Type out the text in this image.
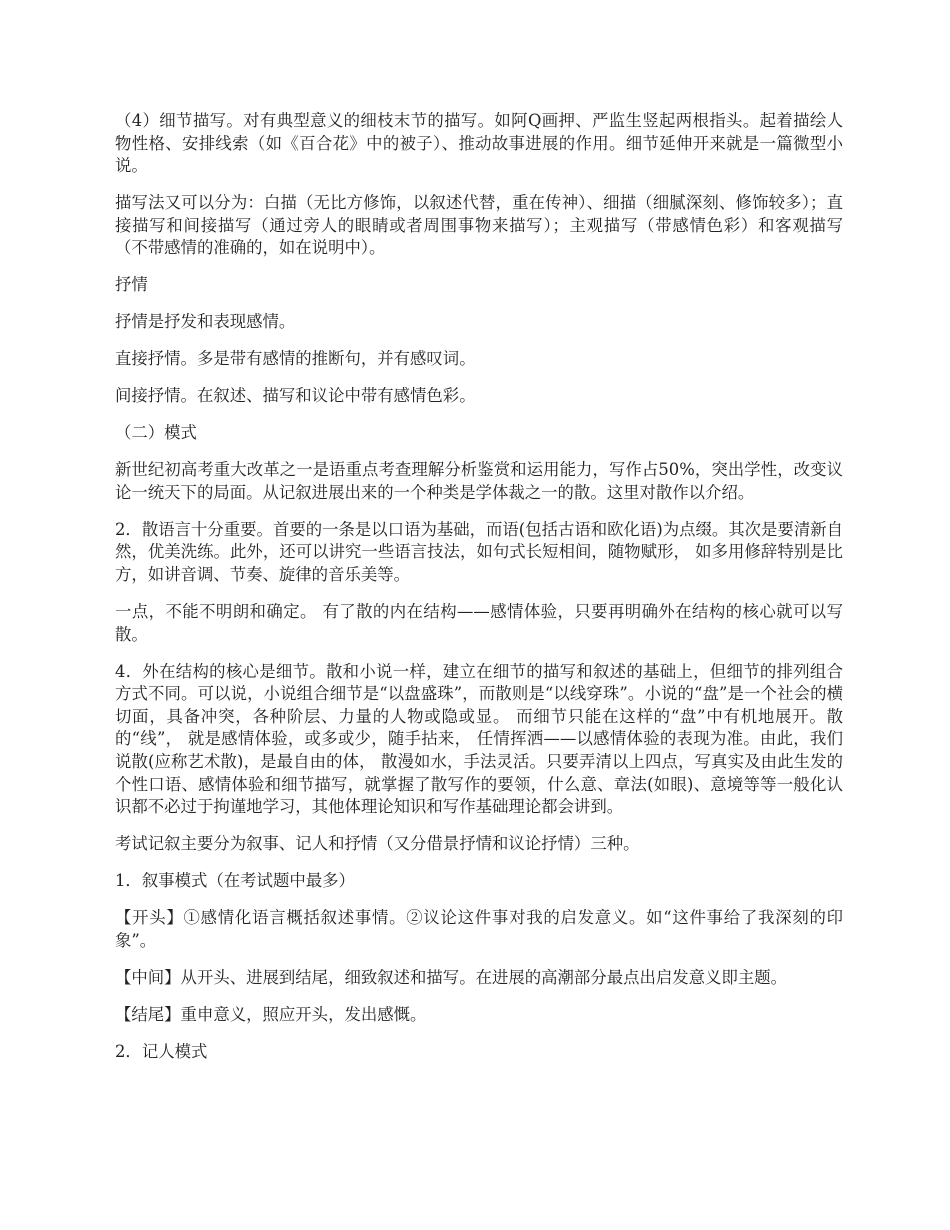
（4）细节描写。对有典型意义的细枝末节的描写。如阿Q画押、严监生竖起两根指头。起着描绘人物性格、安排线索（如《百合花》中的被子）、推动故事进展的作用。细节延伸开来就是一篇微型小说。

描写法又可以分为：白描（无比方修饰，以叙述代替，重在传神）、细描（细腻深刻、修饰较多）；直接描写和间接描写（通过旁人的眼睛或者周围事物来描写）；主观描写（带感情色彩）和客观描写（不带感情的准确的，如在说明中）。

抒情

抒情是抒发和表现感情。

直接抒情。多是带有感情的推断句，并有感叹词。

间接抒情。在叙述、描写和议论中带有感情色彩。

（二）模式

新世纪初高考重大改革之一是语重点考查理解分析鉴赏和运用能力，写作占50%，突出学性，改变议论一统天下的局面。从记叙进展出来的一个种类是学体裁之一的散。这里对散作以介绍。

2．散语言十分重要。首要的一条是以口语为基础，而语(包括古语和欧化语)为点缀。其次是要清新自然，优美洗练。此外，还可以讲究一些语言技法，如句式长短相间，随物赋形， 如多用修辞特别是比方，如讲音调、节奏、旋律的音乐美等。

一点，不能不明朗和确定。 有了散的内在结构——感情体验，只要再明确外在结构的核心就可以写散。

4．外在结构的核心是细节。散和小说一样，建立在细节的描写和叙述的基础上，但细节的排列组合方式不同。可以说，小说组合细节是“以盘盛珠”，而散则是“以线穿珠”。小说的“盘”是一个社会的横切面，具备冲突，各种阶层、力量的人物或隐或显。 而细节只能在这样的“盘”中有机地展开。散的“线”， 就是感情体验，或多或少，随手拈来， 任情挥洒——以感情体验的表现为准。由此，我们说散(应称艺术散)，是最自由的体， 散漫如水，手法灵活。只要弄清以上四点，写真实及由此生发的个性口语、感情体验和细节描写，就掌握了散写作的要领，什么意、章法(如眼)、意境等等一般化认识都不必过于拘谨地学习，其他体理论知识和写作基础理论都会讲到。

考试记叙主要分为叙事、记人和抒情（又分借景抒情和议论抒情）三种。

1．叙事模式（在考试题中最多）

【开头】①感情化语言概括叙述事情。②议论这件事对我的启发意义。如“这件事给了我深刻的印象”。

【中间】从开头、进展到结尾，细致叙述和描写。在进展的高潮部分最点出启发意义即主题。

【结尾】重申意义，照应开头，发出感慨。

2．记人模式
